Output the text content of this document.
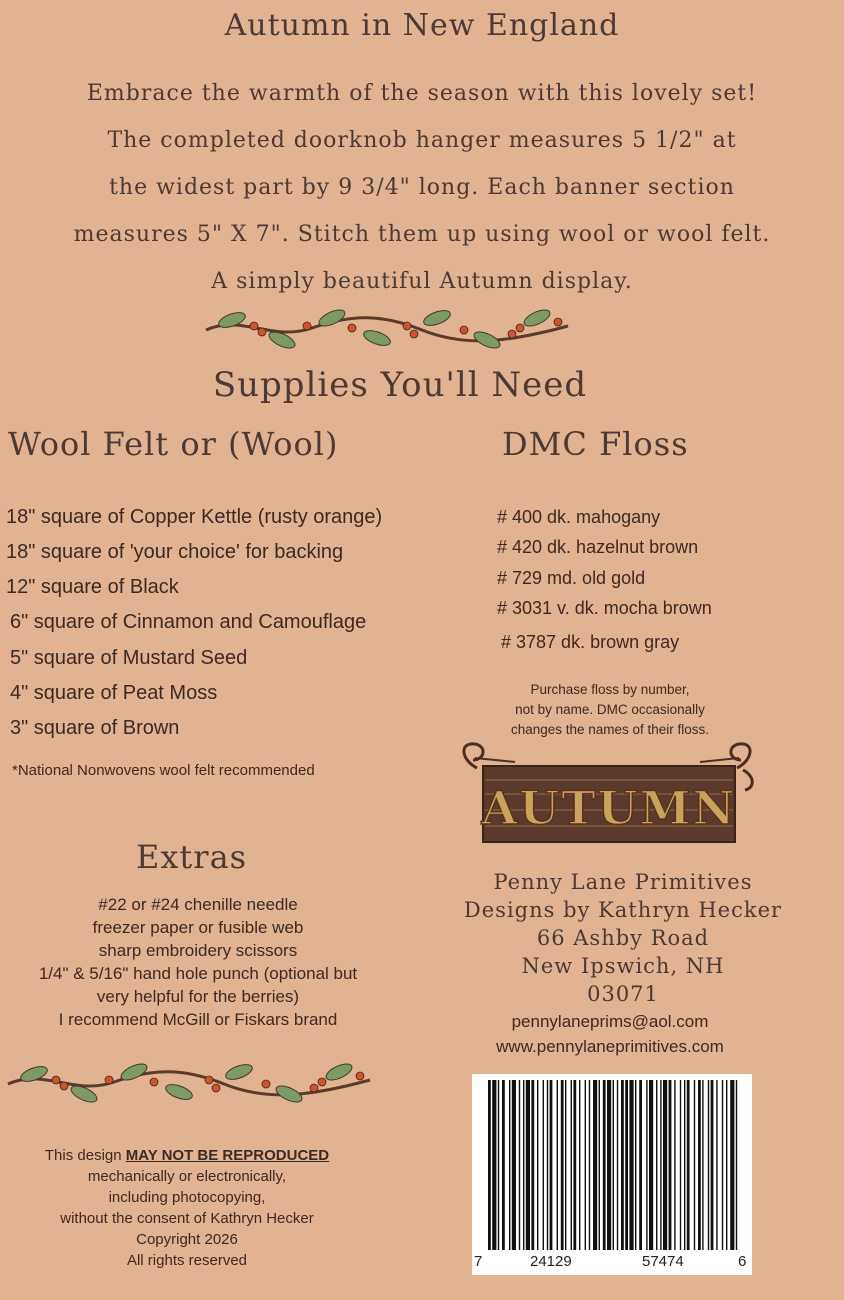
Autumn in New England
Embrace the warmth of the season with this lovely set!
The completed doorknob hanger measures 5 1/2" at
the widest part by 9 3/4" long. Each banner section
measures 5" X 7". Stitch them up using wool or wool felt.
A simply beautiful Autumn display.
Supplies You'll Need
Wool Felt or (Wool)	DMC Floss
18" square of Copper Kettle (rusty orange)
18" square of 'your choice' for backing
12" square of Black
6" square of Cinnamon and Camouflage
5" square of Mustard Seed
4" square of Peat Moss
3" square of Brown
*National Nonwovens wool felt recommended
# 400 dk. mahogany
# 420 dk. hazelnut brown
# 729 md. old gold
# 3031 v. dk. mocha brown
# 3787 dk. brown gray
Purchase floss by number,
not by name. DMC occasionally
changes the names of their floss.
AUTUMN
Extras
#22 or #24 chenille needle
freezer paper or fusible web
sharp embroidery scissors
1/4" & 5/16" hand hole punch (optional but
very helpful for the berries)
I recommend McGill or Fiskars brand
This design MAY NOT BE REPRODUCED
mechanically or electronically,
including photocopying,
without the consent of Kathryn Hecker
Copyright 2026
All rights reserved
Penny Lane Primitives
Designs by Kathryn Hecker
66 Ashby Road
New Ipswich, NH
03071
pennylaneprims@aol.com
www.pennylaneprimitives.com
7	24129	57474	6
